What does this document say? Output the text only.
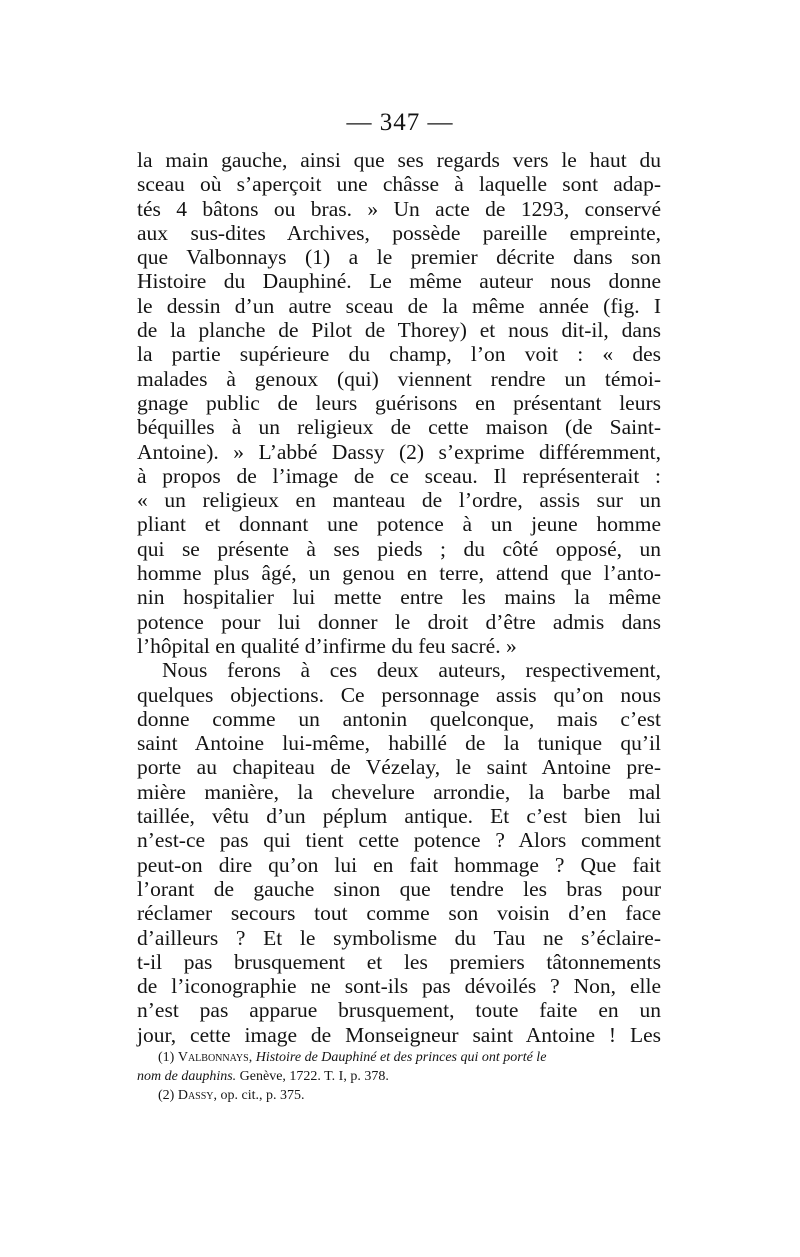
— 347 —
la main gauche, ainsi que ses regards vers le haut du
sceau où s’aperçoit une châsse à laquelle sont adap-
tés 4 bâtons ou bras. » Un acte de 1293, conservé
aux sus-dites Archives, possède pareille empreinte,
que Valbonnays (1) a le premier décrite dans son
Histoire du Dauphiné. Le même auteur nous donne
le dessin d’un autre sceau de la même année (fig. I
de la planche de Pilot de Thorey) et nous dit-il, dans
la partie supérieure du champ, l’on voit : « des
malades à genoux (qui) viennent rendre un témoi-
gnage public de leurs guérisons en présentant leurs
béquilles à un religieux de cette maison (de Saint-
Antoine). » L’abbé Dassy (2) s’exprime différemment,
à propos de l’image de ce sceau. Il représenterait :
« un religieux en manteau de l’ordre, assis sur un
pliant et donnant une potence à un jeune homme
qui se présente à ses pieds ; du côté opposé, un
homme plus âgé, un genou en terre, attend que l’anto-
nin hospitalier lui mette entre les mains la même
potence pour lui donner le droit d’être admis dans
l’hôpital en qualité d’infirme du feu sacré. »
Nous ferons à ces deux auteurs, respectivement,
quelques objections. Ce personnage assis qu’on nous
donne comme un antonin quelconque, mais c’est
saint Antoine lui-même, habillé de la tunique qu’il
porte au chapiteau de Vézelay, le saint Antoine pre-
mière manière, la chevelure arrondie, la barbe mal
taillée, vêtu d’un péplum antique. Et c’est bien lui
n’est-ce pas qui tient cette potence ? Alors comment
peut-on dire qu’on lui en fait hommage ? Que fait
l’orant de gauche sinon que tendre les bras pour
réclamer secours tout comme son voisin d’en face
d’ailleurs ? Et le symbolisme du Tau ne s’éclaire-
t-il pas brusquement et les premiers tâtonnements
de l’iconographie ne sont-ils pas dévoilés ? Non, elle
n’est pas apparue brusquement, toute faite en un
jour, cette image de Monseigneur saint Antoine ! Les
(1) Valbonnays, Histoire de Dauphiné et des princes qui ont porté le
nom de dauphins. Genève, 1722. T. I, p. 378.
(2) Dassy, op. cit., p. 375.
